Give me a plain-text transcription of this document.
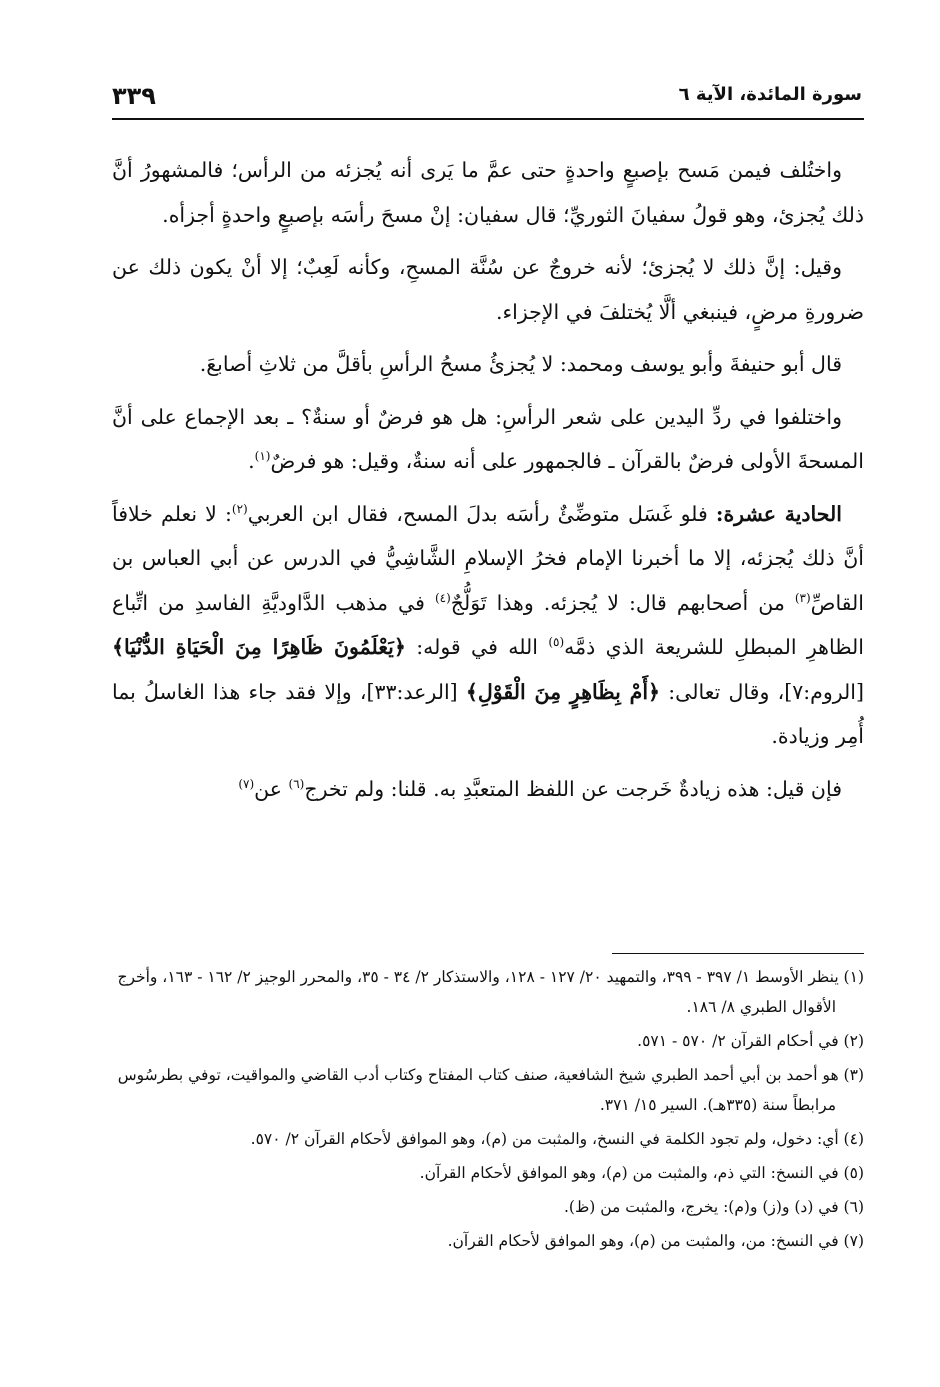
سورة المائدة، الآية ٦
٣٣٩

واختُلف فيمن مَسح بإصبعٍ واحدةٍ حتى عمَّ ما يَرى أنه يُجزئه من الرأس؛ فالمشهورُ أنَّ ذلك يُجزئ، وهو قولُ سفيانَ الثوريِّ؛ قال سفيان: إنْ مسحَ رأسَه بإصبعٍ واحدةٍ أجزأه.

وقيل: إنَّ ذلك لا يُجزئ؛ لأنه خروجٌ عن سُنَّة المسحِ، وكأنه لَعِبٌ؛ إلا أنْ يكون ذلك عن ضرورةِ مرضٍ، فينبغي ألَّا يُختلفَ في الإجزاء.

قال أبو حنيفةَ وأبو يوسف ومحمد: لا يُجزئُ مسحُ الرأسِ بأقلَّ من ثلاثِ أصابعَ.

واختلفوا في ردِّ اليدين على شعر الرأسِ: هل هو فرضٌ أو سنةٌ؟ ـ بعد الإجماع على أنَّ المسحةَ الأولى فرضٌ بالقرآن ـ فالجمهور على أنه سنةٌ، وقيل: هو فرضٌ$^{(١)}$.

الحادية عشرة: فلو غَسَل متوضِّئٌ رأسَه بدلَ المسح، فقال ابن العربي$^{(٢)}$: لا نعلم خلافاً أنَّ ذلك يُجزئه، إلا ما أخبرنا الإمام فخرُ الإسلامِ الشَّاشِيُّ في الدرس عن أبي العباس بن القاصِّ$^{(٣)}$ من أصحابهم قال: لا يُجزئه. وهذا تَوَلُّجٌ$^{(٤)}$ في مذهب الدَّاوديَّةِ الفاسدِ من اتِّباع الظاهرِ المبطلِ للشريعة الذي ذمَّه$^{(٥)}$ الله في قوله: ﴿يَعْلَمُونَ ظَاهِرًا مِنَ الْحَيَاةِ الدُّنْيَا﴾ [الروم:٧]، وقال تعالى: ﴿أَمْ بِظَاهِرٍ مِنَ الْقَوْلِ﴾ [الرعد:٣٣]، وإلا فقد جاء هذا الغاسلُ بما أُمِر وزيادة.

فإن قيل: هذه زيادةٌ خَرجت عن اللفظ المتعبَّدِ به. قلنا: ولم تخرج$^{(٦)}$ عن$^{(٧)}$

(١) ينظر الأوسط ١/ ٣٩٧ - ٣٩٩، والتمهيد ٢٠/ ١٢٧ - ١٢٨، والاستذكار ٢/ ٣٤ - ٣٥، والمحرر الوجيز ٢/ ١٦٢ - ١٦٣، وأخرج الأقوال الطبري ٨/ ١٨٦.

(٢) في أحكام القرآن ٢/ ٥٧٠ - ٥٧١.

(٣) هو أحمد بن أبي أحمد الطبري شيخ الشافعية، صنف كتاب المفتاح وكتاب أدب القاضي والمواقيت، توفي بطرسُوس مرابطاً سنة (٣٣٥هـ). السير ١٥/ ٣٧١.

(٤) أي: دخول، ولم تجود الكلمة في النسخ، والمثبت من (م)، وهو الموافق لأحكام القرآن ٢/ ٥٧٠.

(٥) في النسخ: التي ذم، والمثبت من (م)، وهو الموافق لأحكام القرآن.

(٦) في (د) و(ز) و(م): يخرج، والمثبت من (ظ).

(٧) في النسخ: من، والمثبت من (م)، وهو الموافق لأحكام القرآن.
